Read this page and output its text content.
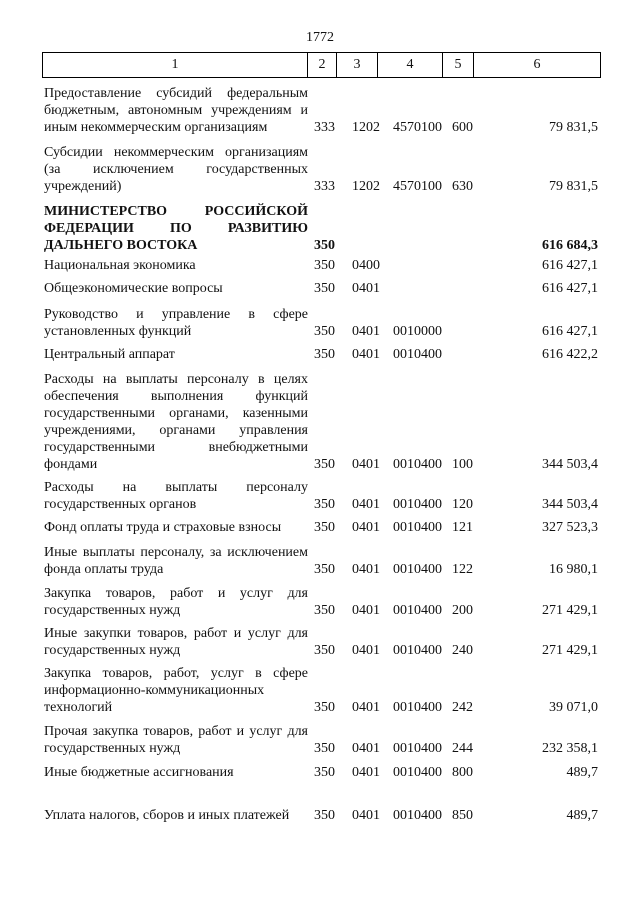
1772
1	2	3	4	5	6
Предоставление субсидий федеральным бюджетным, автономным учреждениям и иным некоммерческим организациям	333 1202 4570100 600	79 831,5
Субсидии некоммерческим организациям (за исключением государственных учреждений)	333 1202 4570100 630	79 831,5
МИНИСТЕРСТВО РОССИЙСКОЙ ФЕДЕРАЦИИ ПО РАЗВИТИЮ ДАЛЬНЕГО ВОСТОКА	350	616 684,3
Национальная экономика	350 0400	616 427,1
Общеэкономические вопросы	350 0401	616 427,1
Руководство и управление в сфере установленных функций	350 0401 0010000	616 427,1
Центральный аппарат	350 0401 0010400	616 422,2
Расходы на выплаты персоналу в целях обеспечения выполнения функций государственными органами, казенными учреждениями, органами управления государственными внебюджетными фондами	350 0401 0010400 100	344 503,4
Расходы на выплаты персоналу государственных органов	350 0401 0010400 120	344 503,4
Фонд оплаты труда и страховые взносы	350 0401 0010400 121	327 523,3
Иные выплаты персоналу, за исключением фонда оплаты труда	350 0401 0010400 122	16 980,1
Закупка товаров, работ и услуг для государственных нужд	350 0401 0010400 200	271 429,1
Иные закупки товаров, работ и услуг для государственных нужд	350 0401 0010400 240	271 429,1
Закупка товаров, работ, услуг в сфере информационно-коммуникационных технологий	350 0401 0010400 242	39 071,0
Прочая закупка товаров, работ и услуг для государственных нужд	350 0401 0010400 244	232 358,1
Иные бюджетные ассигнования	350 0401 0010400 800	489,7
Уплата налогов, сборов и иных платежей	350 0401 0010400 850	489,7
